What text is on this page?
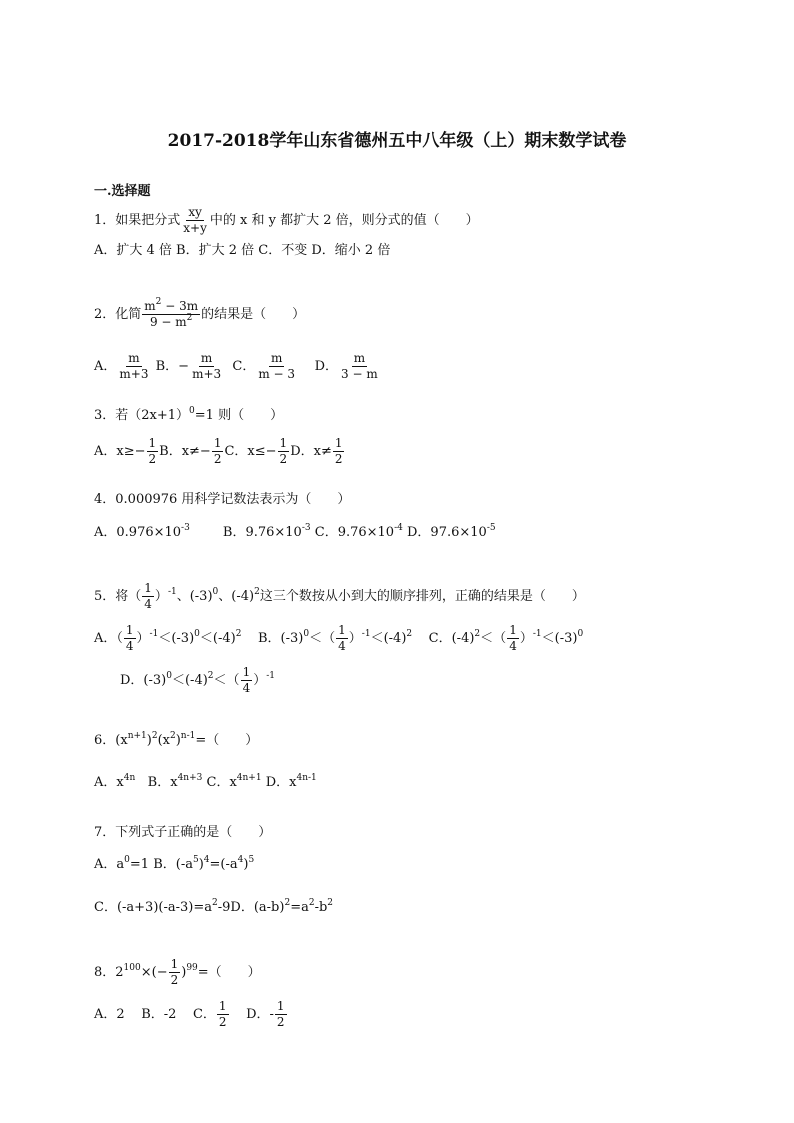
2017-2018学年山东省德州五中八年级（上）期末数学试卷
一.选择题
1．如果把分式 $\frac{xy}{x+y}$ 中的 x 和 y 都扩大 2 倍，则分式的值（　　）
A．扩大 4 倍 B．扩大 2 倍 C．不变 D．缩小 2 倍
2．化简 $\frac{m^2 - 3m}{9 - m^2}$ 的结果是（　　）
A． $\frac{m}{m+3}$ B．− $\frac{m}{m+3}$ C． $\frac{m}{m - 3}$ D． $\frac{m}{3 - m}$
3．若$(2x+1)^0=1$ 则（　　）
A．$x\ge- \frac{1}{2}$ B．$x\ne- \frac{1}{2}$ C．$x\le- \frac{1}{2}$ D．$x\ne \frac{1}{2}$
4．0.000976 用科学记数法表示为（　　）
A．$0.976\times 10^{-3}$	B．$9.76\times 10^{-3}$ C．$9.76\times 10^{-4}$ D．$97.6\times 10^{-5}$
5．将（ $\frac{1}{4} )^{-1}$、$(-3)^0$、$(-4)^2$这三个数按从小到大的顺序排列，正确的结果是（　　）
A．（ $\frac{1}{4} )^{-1}<(-3)^0<(-4)^2$ B．$(-3)^0<( \frac{1}{4} )^{-1}<(-4)^2$ C．$(-4)^2<( \frac{1}{4} )^{-1}<(-3)^0$
D．$(-3)^0<(-4)^2<( \frac{1}{4} )^{-1}$
6．$(x^{n+1})^2(x^2)^{n-1}=$（　　）
A．$x^{4n}$ B．$x^{4n+3}$ C．$x^{4n+1}$ D．$x^{4n-1}$
7．下列式子正确的是（　　）
A．$a^0=1$ B．$(-a^5)^4=(-a^4)^5$
C．$(-a+3)(-a-3)=a^2-9D$．$(a-b)^2=a^2-b^2$
8．$2^{100}\times(- \frac{1}{2} )^{99}=$（　　）
A．2 B．-2 C． $\frac{1}{2}$ D．- $\frac{1}{2}$
